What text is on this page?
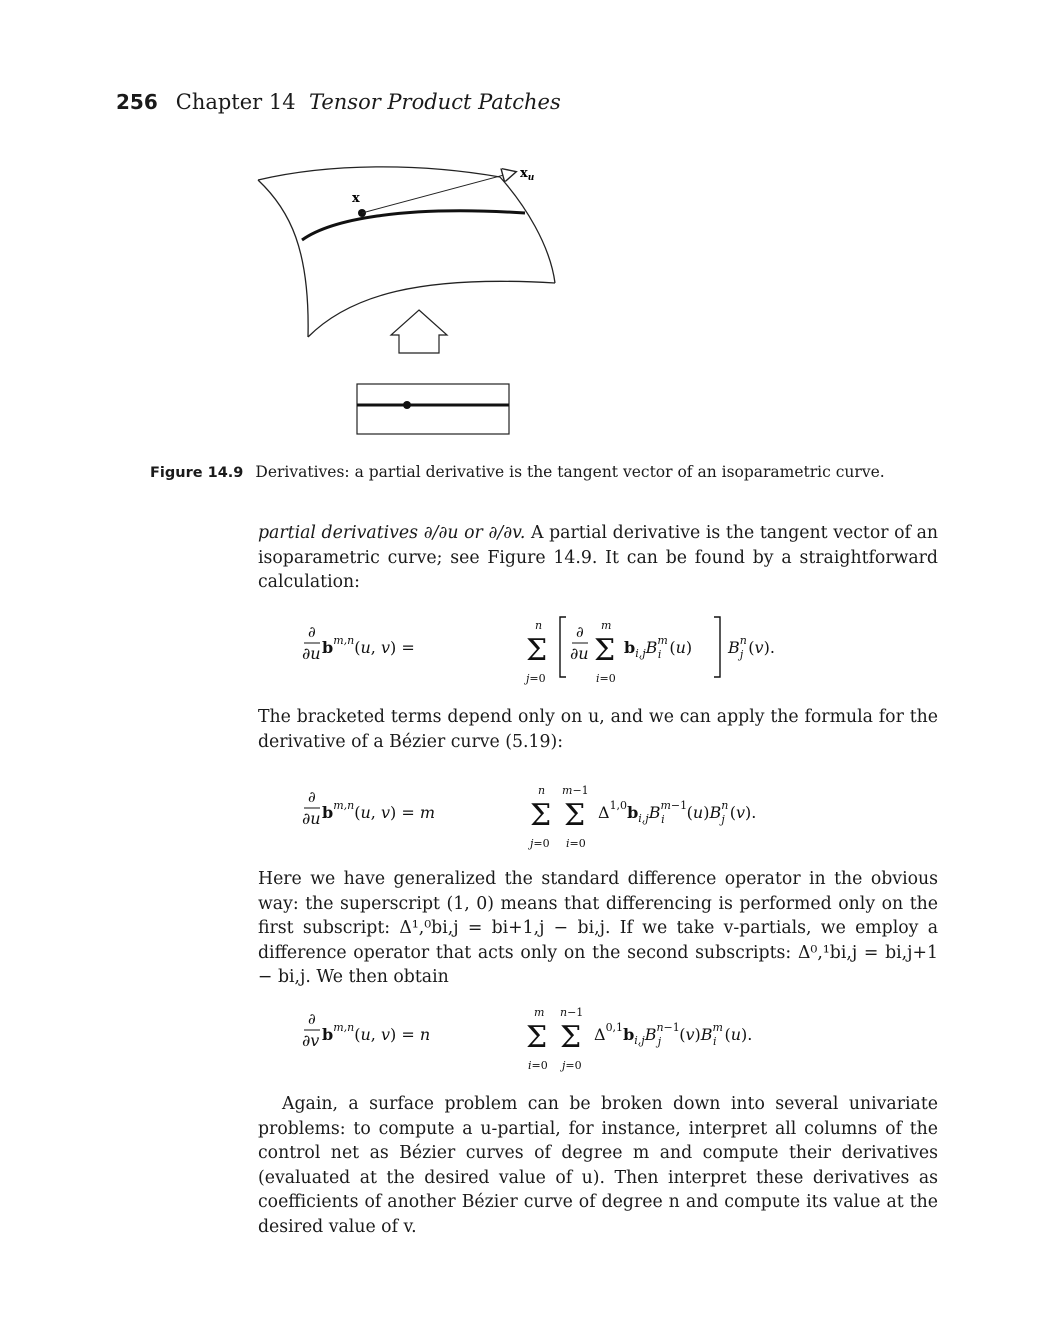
256 Chapter 14 Tensor Product Patches
x
$x_u$
Figure 14.9 Derivatives: a partial derivative is the tangent vector of an isoparametric curve.
partial derivatives ∂/∂u or ∂/∂v. A partial derivative is the tangent vector of an isoparametric curve; see Figure 14.9. It can be found by a straightforward calculation:
∂
∂u $b^{m,n}(u$, v) =	Σ
n
j=0
∂
∂u Σ
m
i=0
$b_{i,j}B^m$ i (u) $B^n$ j (v).
The bracketed terms depend only on u, and we can apply the formula for the derivative of a Bézier curve (5.19):
∂
∂u $b^{m,n}(u$, v) = m	Σ
n
j=0
Σ
m−1
i=0
$\Delta^{1,0}b_{i,j}B^{m-1}$ i $(u)B^n$ j (v).
Here we have generalized the standard difference operator in the obvious way: the superscript (1, 0) means that differencing is performed only on the first subscript: Δ¹,⁰bi,j = bi+1,j − bi,j. If we take v-partials, we employ a difference operator that acts only on the second subscripts: Δ⁰,¹bi,j = bi,j+1 − bi,j. We then obtain
∂
∂v $b^{m,n}(u$, v) = n	Σ
m
i=0
Σ
n−1
j=0
$\Delta^{0,1}b_{i,j}B^{n-1}$ j $(v)B^m$ i (u).
Again, a surface problem can be broken down into several univariate problems: to compute a u-partial, for instance, interpret all columns of the control net as Bézier curves of degree m and compute their derivatives (evaluated at the desired value of u). Then interpret these derivatives as coefficients of another Bézier curve of degree n and compute its value at the desired value of v.
